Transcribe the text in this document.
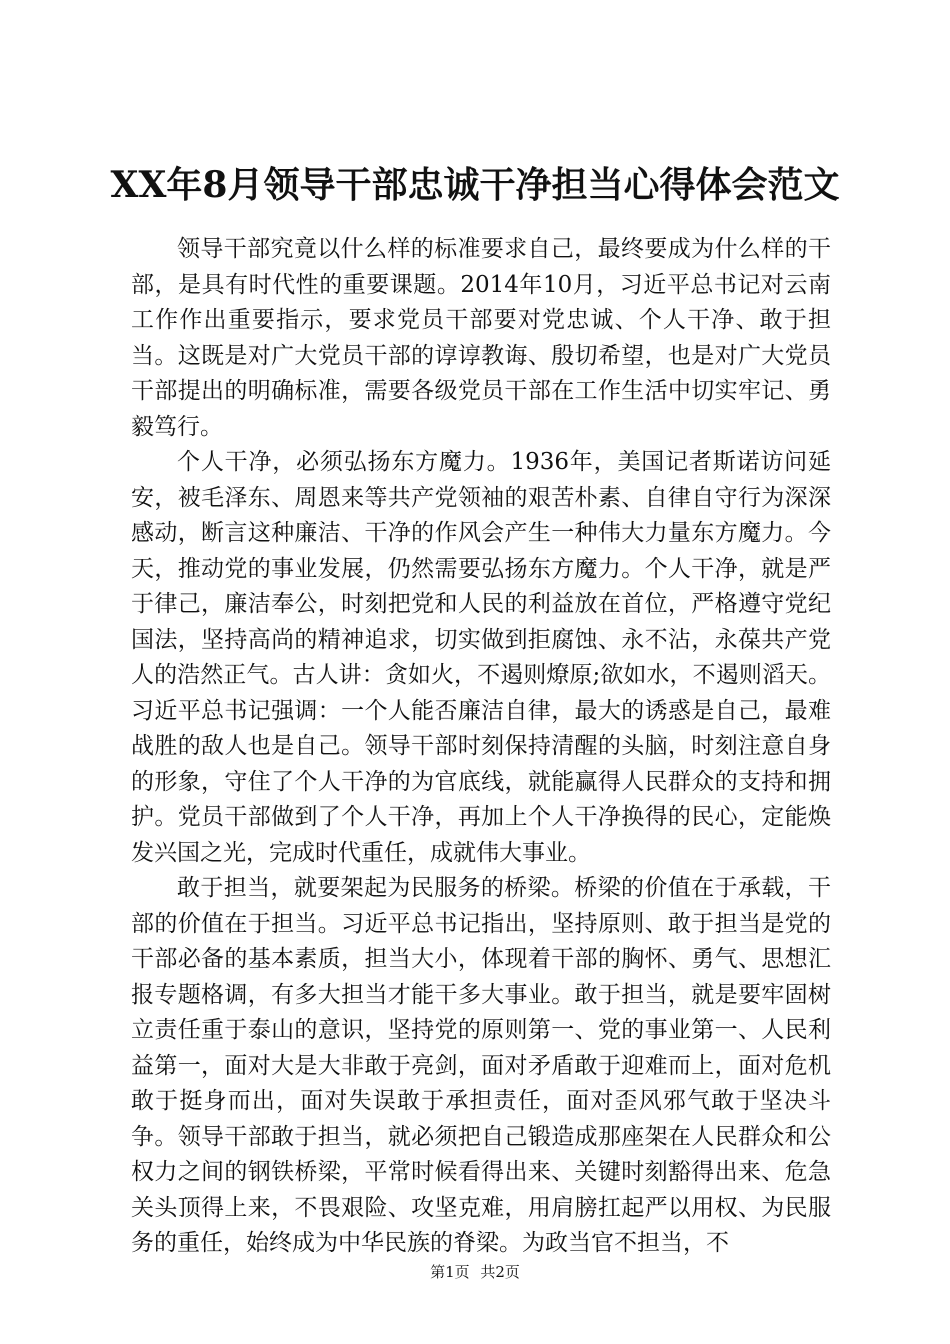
XX年8月领导干部忠诚干净担当心得体会范文

领导干部究竟以什么样的标准要求自己，最终要成为什么样的干部，是具有时代性的重要课题。2014年10月，习近平总书记对云南工作作出重要指示，要求党员干部要对党忠诚、个人干净、敢于担当。这既是对广大党员干部的谆谆教诲、殷切希望，也是对广大党员干部提出的明确标准，需要各级党员干部在工作生活中切实牢记、勇毅笃行。

个人干净，必须弘扬东方魔力。1936年，美国记者斯诺访问延安，被毛泽东、周恩来等共产党领袖的艰苦朴素、自律自守行为深深感动，断言这种廉洁、干净的作风会产生一种伟大力量东方魔力。今天，推动党的事业发展，仍然需要弘扬东方魔力。个人干净，就是严于律己，廉洁奉公，时刻把党和人民的利益放在首位，严格遵守党纪国法，坚持高尚的精神追求，切实做到拒腐蚀、永不沾，永葆共产党人的浩然正气。古人讲：贪如火，不遏则燎原;欲如水，不遏则滔天。习近平总书记强调：一个人能否廉洁自律，最大的诱惑是自己，最难战胜的敌人也是自己。领导干部时刻保持清醒的头脑，时刻注意自身的形象，守住了个人干净的为官底线，就能赢得人民群众的支持和拥护。党员干部做到了个人干净，再加上个人干净换得的民心，定能焕发兴国之光，完成时代重任，成就伟大事业。

敢于担当，就要架起为民服务的桥梁。桥梁的价值在于承载，干部的价值在于担当。习近平总书记指出，坚持原则、敢于担当是党的干部必备的基本素质，担当大小，体现着干部的胸怀、勇气、思想汇报专题格调，有多大担当才能干多大事业。敢于担当，就是要牢固树立责任重于泰山的意识，坚持党的原则第一、党的事业第一、人民利益第一，面对大是大非敢于亮剑，面对矛盾敢于迎难而上，面对危机敢于挺身而出，面对失误敢于承担责任，面对歪风邪气敢于坚决斗争。领导干部敢于担当，就必须把自己锻造成那座架在人民群众和公权力之间的钢铁桥梁，平常时候看得出来、关键时刻豁得出来、危急关头顶得上来，不畏艰险、攻坚克难，用肩膀扛起严以用权、为民服务的重任，始终成为中华民族的脊梁。为政当官不担当，不

第1页 共2页
